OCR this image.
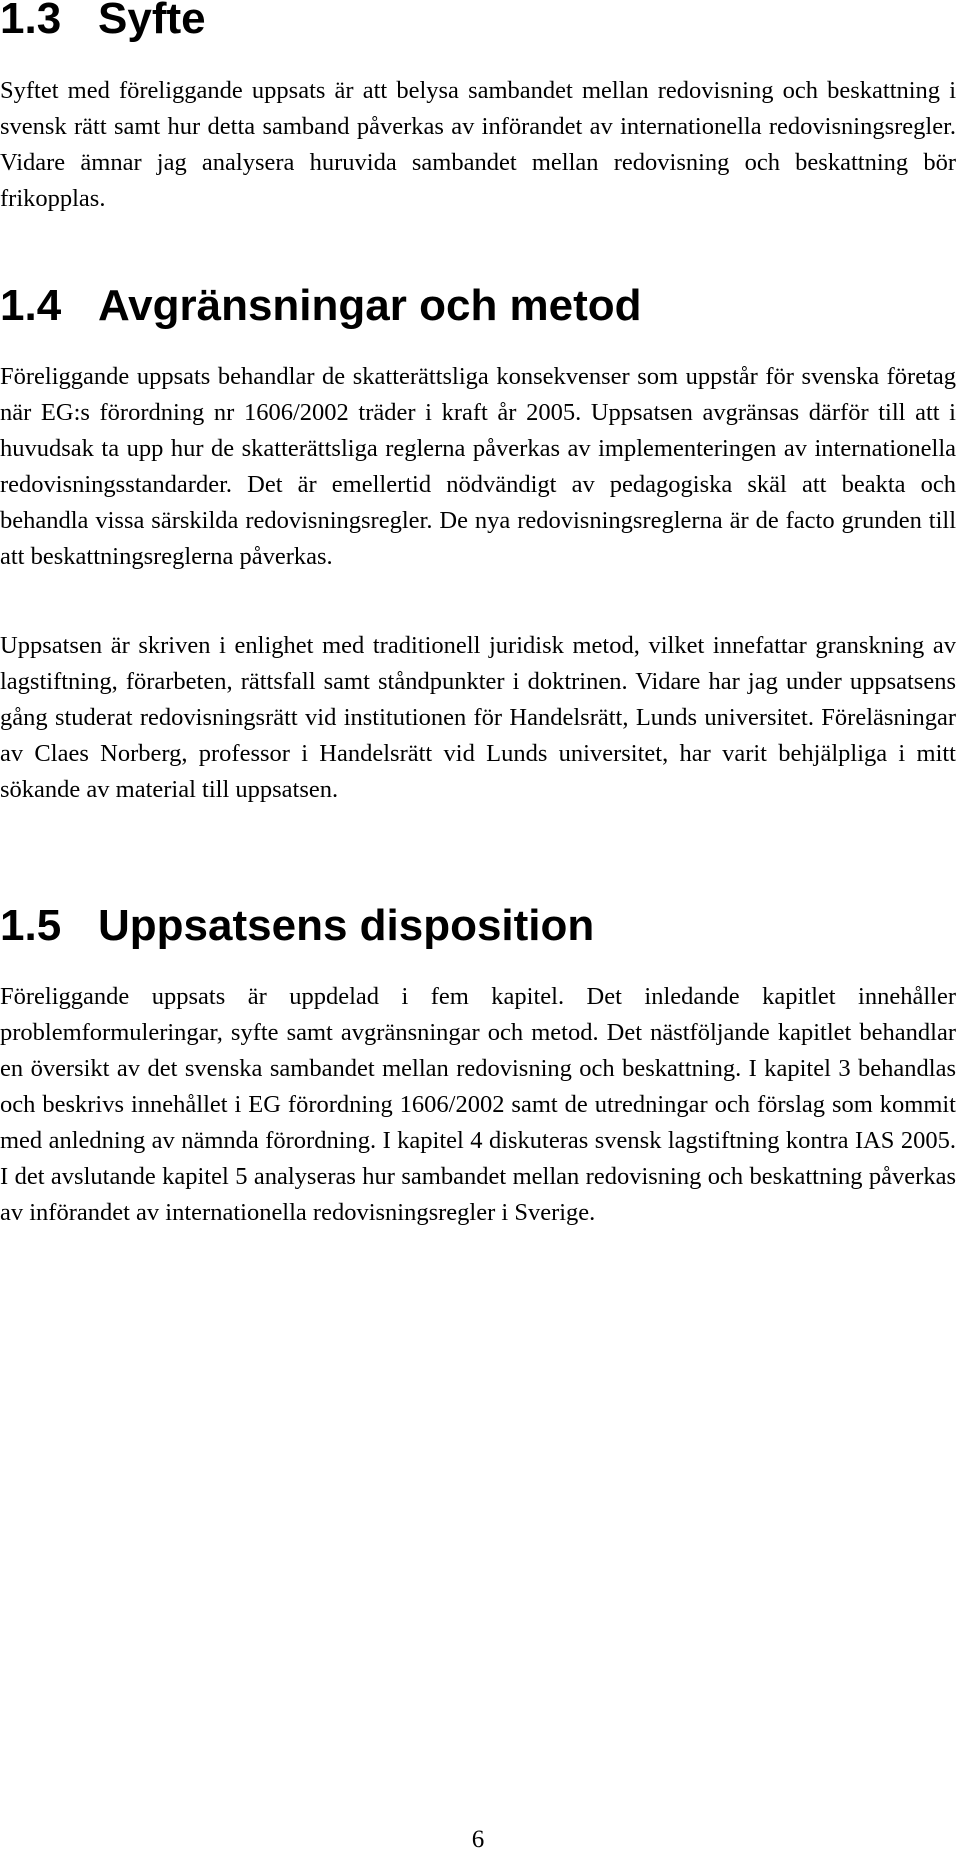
1.3 Syfte

Syftet med föreliggande uppsats är att belysa sambandet mellan redovisning och beskattning i svensk rätt samt hur detta samband påverkas av införandet av internationella redovisningsregler. Vidare ämnar jag analysera huruvida sambandet mellan redovisning och beskattning bör frikopplas.

1.4 Avgränsningar och metod

Föreliggande uppsats behandlar de skatterättsliga konsekvenser som uppstår för svenska företag när EG:s förordning nr 1606/2002 träder i kraft år 2005. Uppsatsen avgränsas därför till att i huvudsak ta upp hur de skatterättsliga reglerna påverkas av implementeringen av internationella redovisningsstandarder. Det är emellertid nödvändigt av pedagogiska skäl att beakta och behandla vissa särskilda redovisningsregler. De nya redovisningsreglerna är de facto grunden till att beskattningsreglerna påverkas.

Uppsatsen är skriven i enlighet med traditionell juridisk metod, vilket innefattar granskning av lagstiftning, förarbeten, rättsfall samt ståndpunkter i doktrinen. Vidare har jag under uppsatsens gång studerat redovisningsrätt vid institutionen för Handelsrätt, Lunds universitet. Föreläsningar av Claes Norberg, professor i Handelsrätt vid Lunds universitet, har varit behjälpliga i mitt sökande av material till uppsatsen.

1.5 Uppsatsens disposition

Föreliggande uppsats är uppdelad i fem kapitel. Det inledande kapitlet innehåller problemformuleringar, syfte samt avgränsningar och metod. Det nästföljande kapitlet behandlar en översikt av det svenska sambandet mellan redovisning och beskattning. I kapitel 3 behandlas och beskrivs innehållet i EG förordning 1606/2002 samt de utredningar och förslag som kommit med anledning av nämnda förordning. I kapitel 4 diskuteras svensk lagstiftning kontra IAS 2005. I det avslutande kapitel 5 analyseras hur sambandet mellan redovisning och beskattning påverkas av införandet av internationella redovisningsregler i Sverige.

6
